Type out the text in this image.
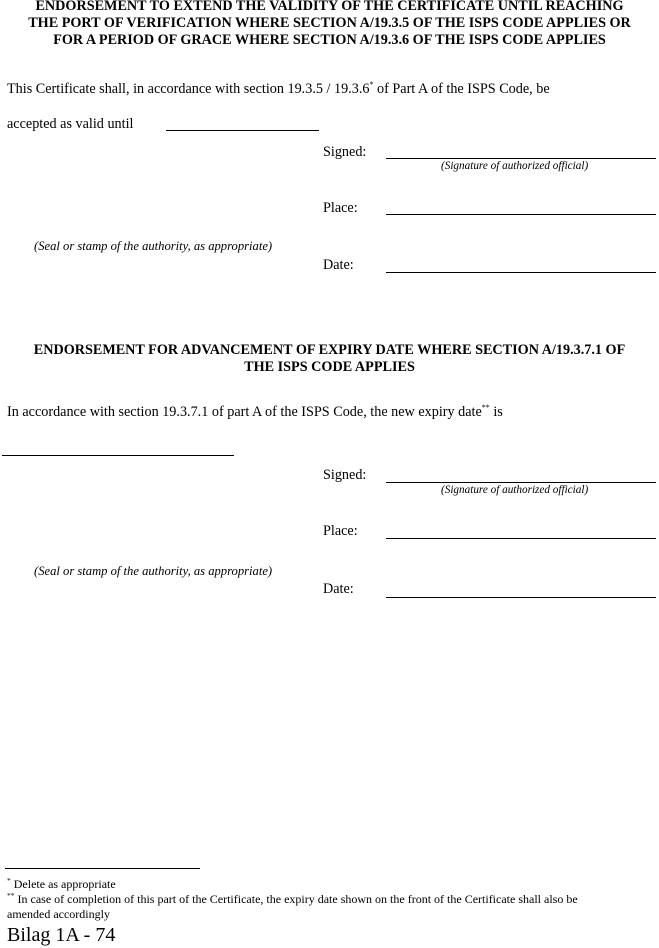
ENDORSEMENT TO EXTEND THE VALIDITY OF THE CERTIFICATE UNTIL REACHING
THE PORT OF VERIFICATION WHERE SECTION A/19.3.5 OF THE ISPS CODE APPLIES OR
FOR A PERIOD OF GRACE WHERE SECTION A/19.3.6 OF THE ISPS CODE APPLIES
This Certificate shall, in accordance with section 19.3.5 / 19.3.6* of Part A of the ISPS Code, be
accepted as valid until
Signed:
(Signature of authorized official)
Place:
(Seal or stamp of the authority, as appropriate)
Date:
ENDORSEMENT FOR ADVANCEMENT OF EXPIRY DATE WHERE SECTION A/19.3.7.1 OF
THE ISPS CODE APPLIES
In accordance with section 19.3.7.1 of part A of the ISPS Code, the new expiry date** is
Signed:
(Signature of authorized official)
Place:
(Seal or stamp of the authority, as appropriate)
Date:
* Delete as appropriate
** In case of completion of this part of the Certificate, the expiry date shown on the front of the Certificate shall also be
amended accordingly
Bilag 1A - 74
